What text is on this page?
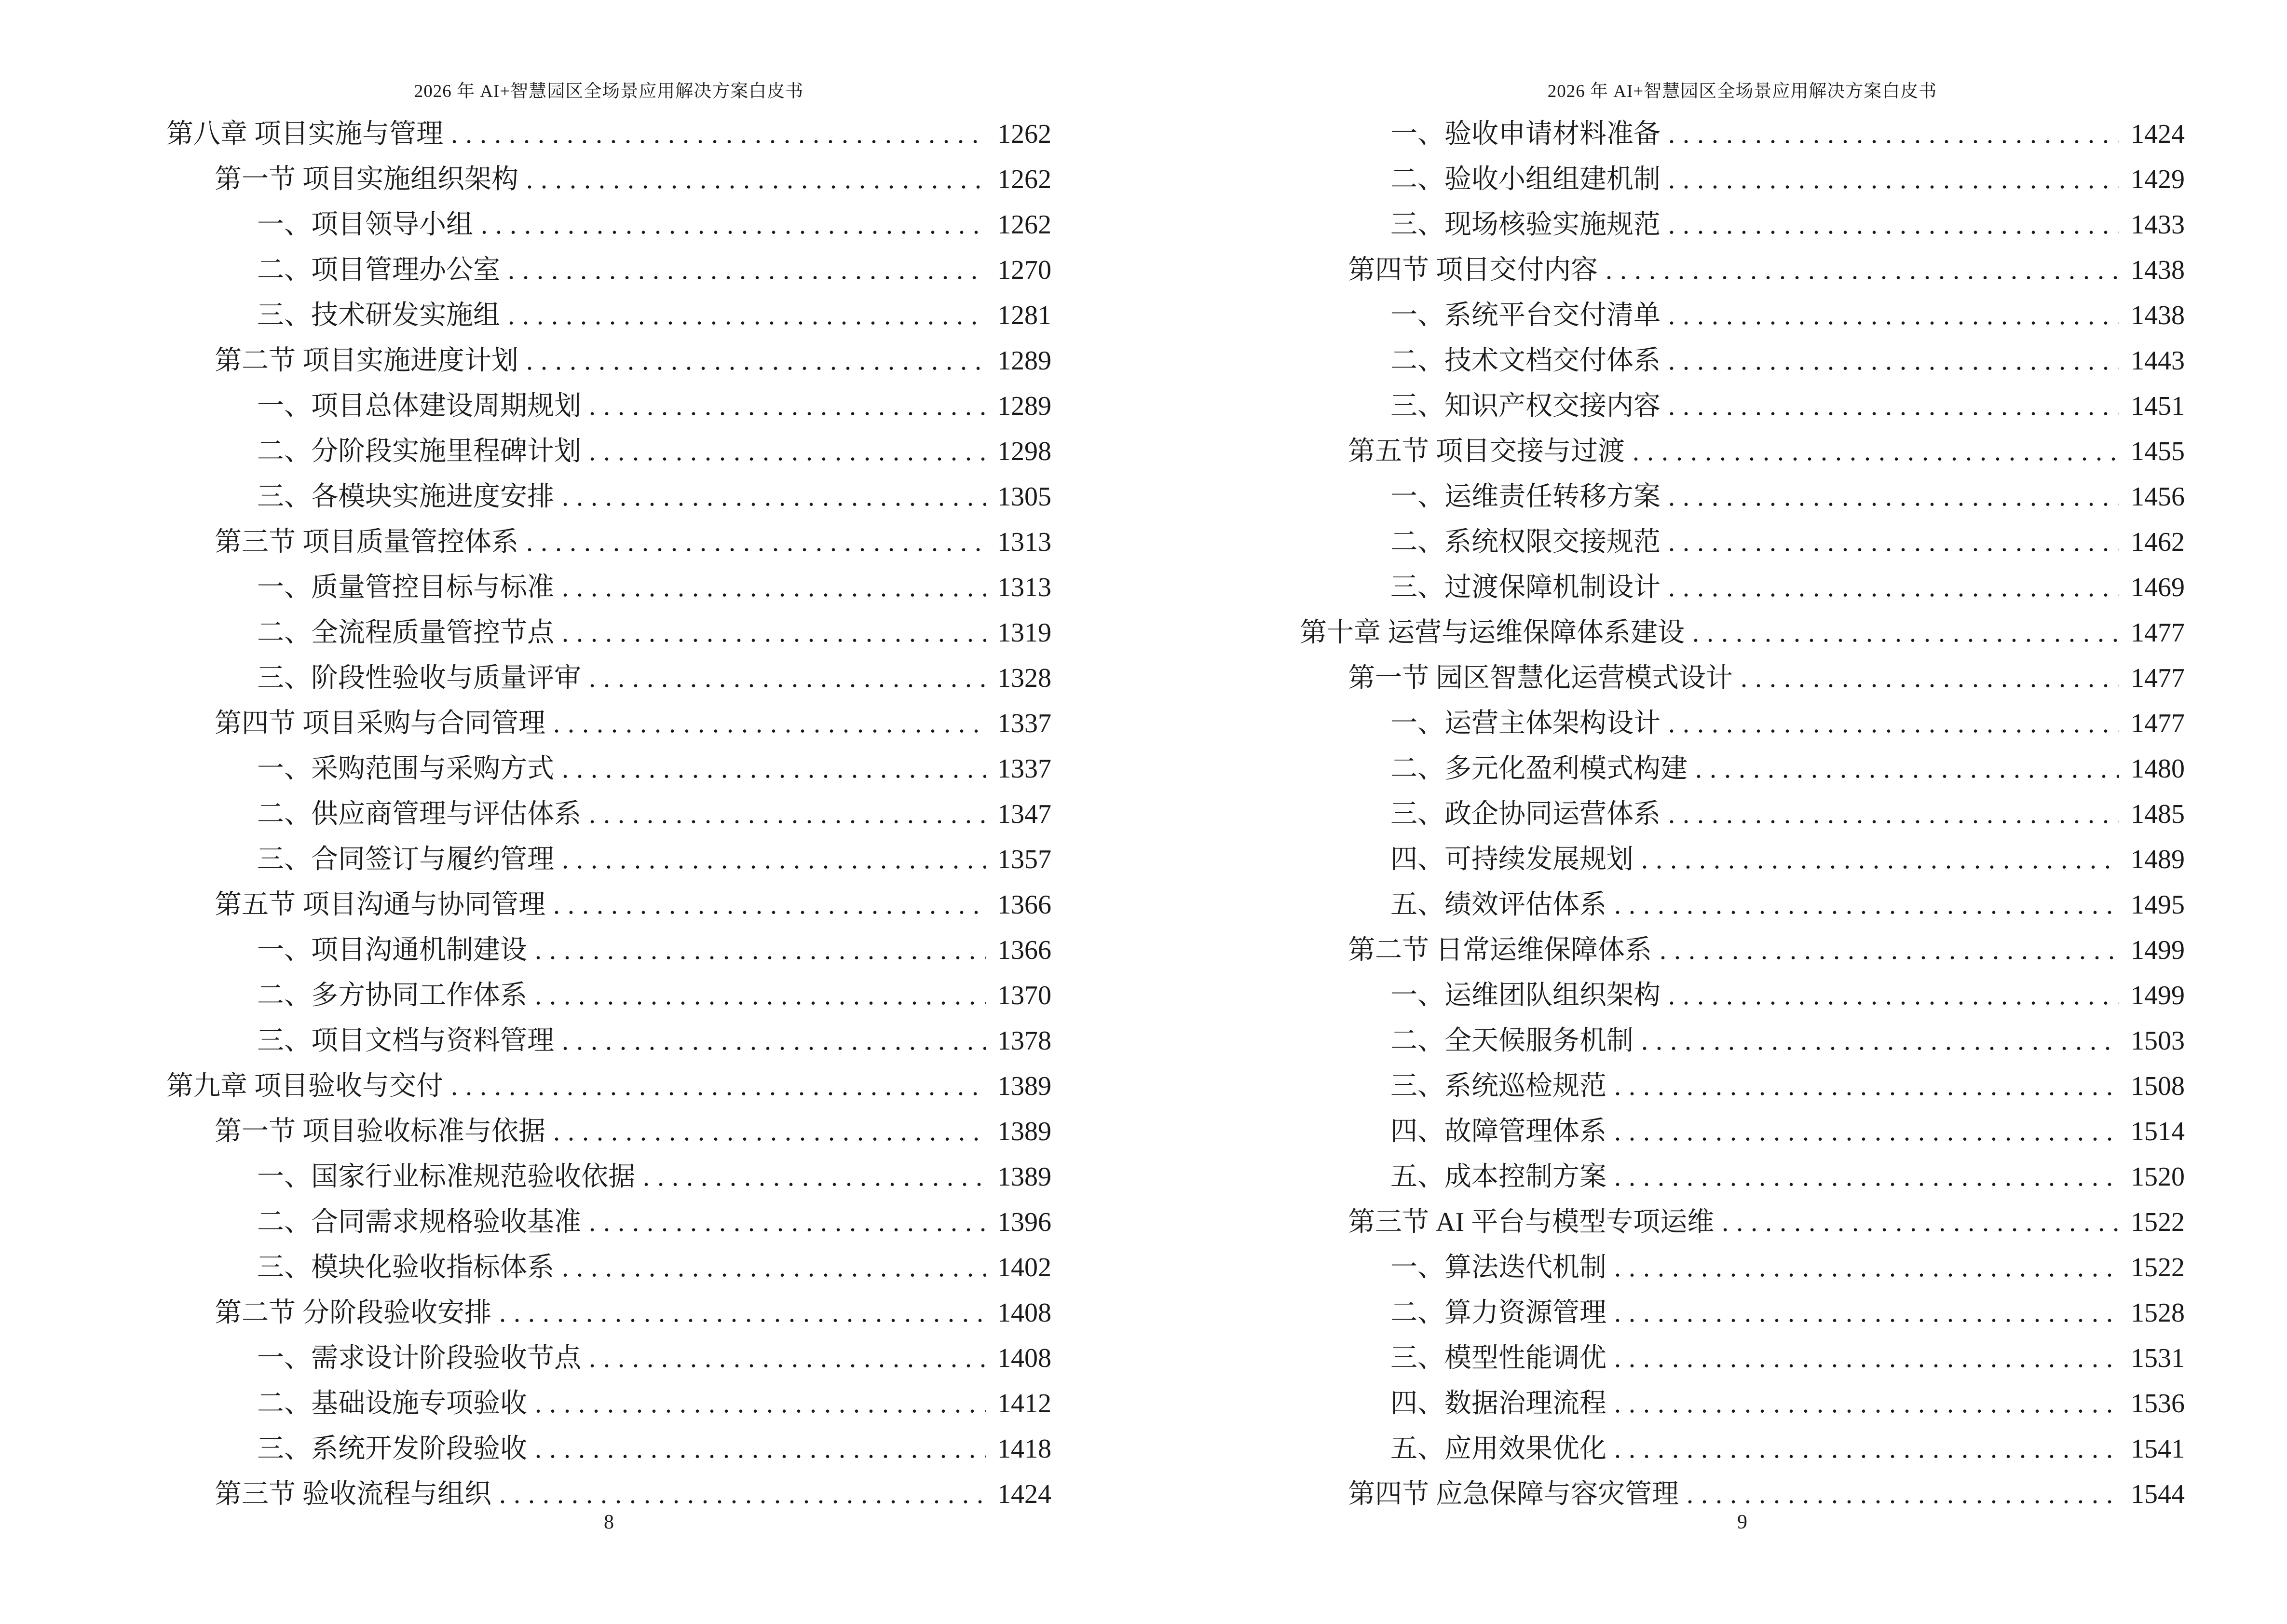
2026 年 AI+智慧园区全场景应用解决方案白皮书
第八章 项目实施与管理 .....	1262
第一节 项目实施组织架构 .....	1262
一、项目领导小组 .....	1262
二、项目管理办公室 .....	1270
三、技术研发实施组 .....	1281
第二节 项目实施进度计划 .....	1289
一、项目总体建设周期规划 .....	1289
二、分阶段实施里程碑计划 .....	1298
三、各模块实施进度安排 .....	1305
第三节 项目质量管控体系 .....	1313
一、质量管控目标与标准 .....	1313
二、全流程质量管控节点 .....	1319
三、阶段性验收与质量评审 .....	1328
第四节 项目采购与合同管理 .....	1337
一、采购范围与采购方式 .....	1337
二、供应商管理与评估体系 .....	1347
三、合同签订与履约管理 .....	1357
第五节 项目沟通与协同管理 .....	1366
一、项目沟通机制建设 .....	1366
二、多方协同工作体系 .....	1370
三、项目文档与资料管理 .....	1378
第九章 项目验收与交付 .....	1389
第一节 项目验收标准与依据 .....	1389
一、国家行业标准规范验收依据 .....	1389
二、合同需求规格验收基准 .....	1396
三、模块化验收指标体系 .....	1402
第二节 分阶段验收安排 .....	1408
一、需求设计阶段验收节点 .....	1408
二、基础设施专项验收 .....	1412
三、系统开发阶段验收 .....	1418
第三节 验收流程与组织 .....	1424
8
2026 年 AI+智慧园区全场景应用解决方案白皮书
一、验收申请材料准备 .....	1424
二、验收小组组建机制 .....	1429
三、现场核验实施规范 .....	1433
第四节 项目交付内容 .....	1438
一、系统平台交付清单 .....	1438
二、技术文档交付体系 .....	1443
三、知识产权交接内容 .....	1451
第五节 项目交接与过渡 .....	1455
一、运维责任转移方案 .....	1456
二、系统权限交接规范 .....	1462
三、过渡保障机制设计 .....	1469
第十章 运营与运维保障体系建设 .....	1477
第一节 园区智慧化运营模式设计 .....	1477
一、运营主体架构设计 .....	1477
二、多元化盈利模式构建 .....	1480
三、政企协同运营体系 .....	1485
四、可持续发展规划 .....	1489
五、绩效评估体系 .....	1495
第二节 日常运维保障体系 .....	1499
一、运维团队组织架构 .....	1499
二、全天候服务机制 .....	1503
三、系统巡检规范 .....	1508
四、故障管理体系 .....	1514
五、成本控制方案 .....	1520
第三节 AI 平台与模型专项运维 .....	1522
一、算法迭代机制 .....	1522
二、算力资源管理 .....	1528
三、模型性能调优 .....	1531
四、数据治理流程 .....	1536
五、应用效果优化 .....	1541
第四节 应急保障与容灾管理 .....	1544
9
